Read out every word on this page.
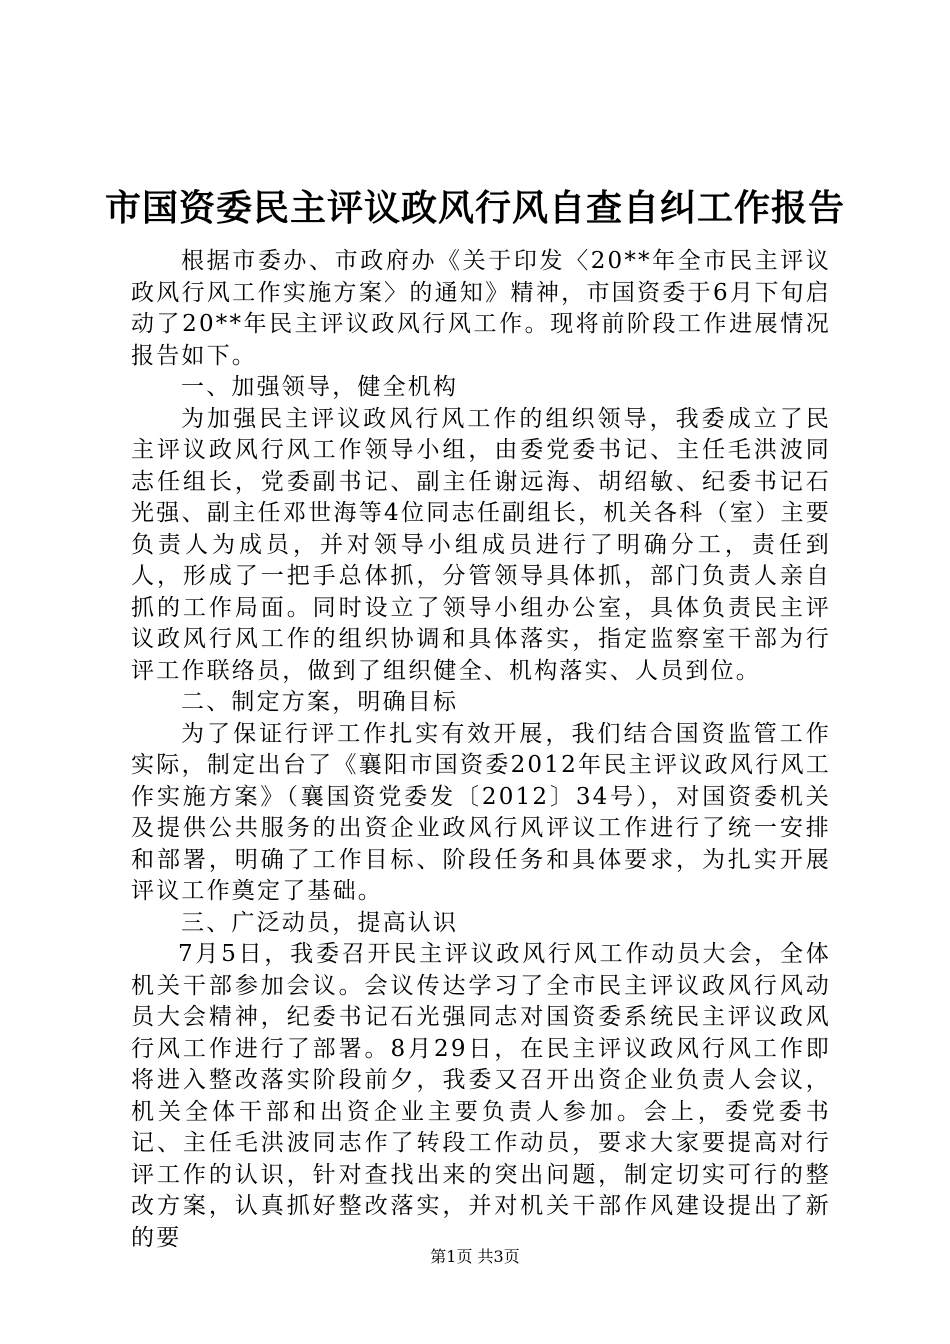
市国资委民主评议政风行风自查自纠工作报告

根据市委办、市政府办《关于印发〈20**年全市民主评议政风行风工作实施方案〉的通知》精神，市国资委于6月下旬启动了20**年民主评议政风行风工作。现将前阶段工作进展情况报告如下。

一、加强领导，健全机构

为加强民主评议政风行风工作的组织领导，我委成立了民主评议政风行风工作领导小组，由委党委书记、主任毛洪波同志任组长，党委副书记、副主任谢远海、胡绍敏、纪委书记石光强、副主任邓世海等4位同志任副组长，机关各科（室）主要负责人为成员，并对领导小组成员进行了明确分工，责任到人，形成了一把手总体抓，分管领导具体抓，部门负责人亲自抓的工作局面。同时设立了领导小组办公室，具体负责民主评议政风行风工作的组织协调和具体落实，指定监察室干部为行评工作联络员，做到了组织健全、机构落实、人员到位。

二、制定方案，明确目标

为了保证行评工作扎实有效开展，我们结合国资监管工作实际，制定出台了《襄阳市国资委2012年民主评议政风行风工作实施方案》（襄国资党委发〔2012〕34号），对国资委机关及提供公共服务的出资企业政风行风评议工作进行了统一安排和部署，明确了工作目标、阶段任务和具体要求，为扎实开展评议工作奠定了基础。

三、广泛动员，提高认识

7月5日，我委召开民主评议政风行风工作动员大会，全体机关干部参加会议。会议传达学习了全市民主评议政风行风动员大会精神，纪委书记石光强同志对国资委系统民主评议政风行风工作进行了部署。8月29日，在民主评议政风行风工作即将进入整改落实阶段前夕，我委又召开出资企业负责人会议，机关全体干部和出资企业主要负责人参加。会上，委党委书记、主任毛洪波同志作了转段工作动员，要求大家要提高对行评工作的认识，针对查找出来的突出问题，制定切实可行的整改方案，认真抓好整改落实，并对机关干部作风建设提出了新的要

第1页 共3页
